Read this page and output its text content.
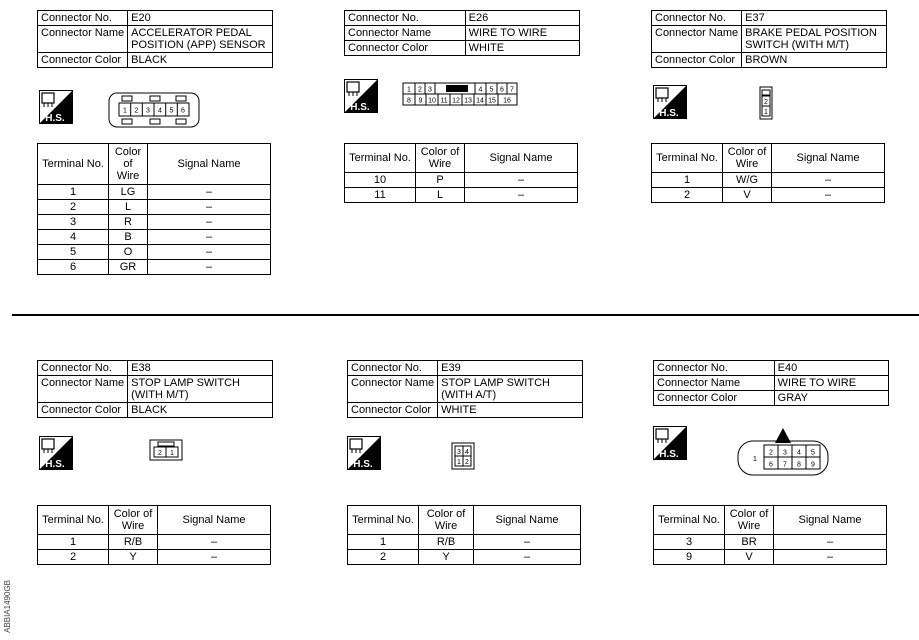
Connector No.	E20
Connector Name	ACCELERATOR PEDAL POSITION (APP) SENSOR
Connector Color	BLACK
H.S.
1 2 3 4 5 6
Terminal No.	Color of Wire	Signal Name
1	LG	–
2	L	–
3	R	–
4	B	–
5	O	–
6	GR	–
Connector No.	E26
Connector Name	WIRE TO WIRE
Connector Color	WHITE
H.S.
1 2 3	4 5 6 7
8 9 10 11 12 13 14 15 16
Terminal No.	Color of Wire	Signal Name
10	P	–
11	L	–
Connector No.	E37
Connector Name	BRAKE PEDAL POSITION SWITCH (WITH M/T)
Connector Color	BROWN
H.S.
2
1
Terminal No.	Color of Wire	Signal Name
1	W/G	–
2	V	–
Connector No.	E38
Connector Name	STOP LAMP SWITCH (WITH M/T)
Connector Color	BLACK
H.S.
2 1
Terminal No.	Color of Wire	Signal Name
1	R/B	–
2	Y	–
Connector No.	E39
Connector Name	STOP LAMP SWITCH (WITH A/T)
Connector Color	WHITE
H.S.
3 4
1 2
Terminal No.	Color of Wire	Signal Name
1	R/B	–
2	Y	–
Connector No.	E40
Connector Name	WIRE TO WIRE
Connector Color	GRAY
H.S.	1
2 3 4 5
6 7 8 9
Terminal No.	Color of Wire	Signal Name
3	BR	–
9	V	–
ABBIA1490GB
